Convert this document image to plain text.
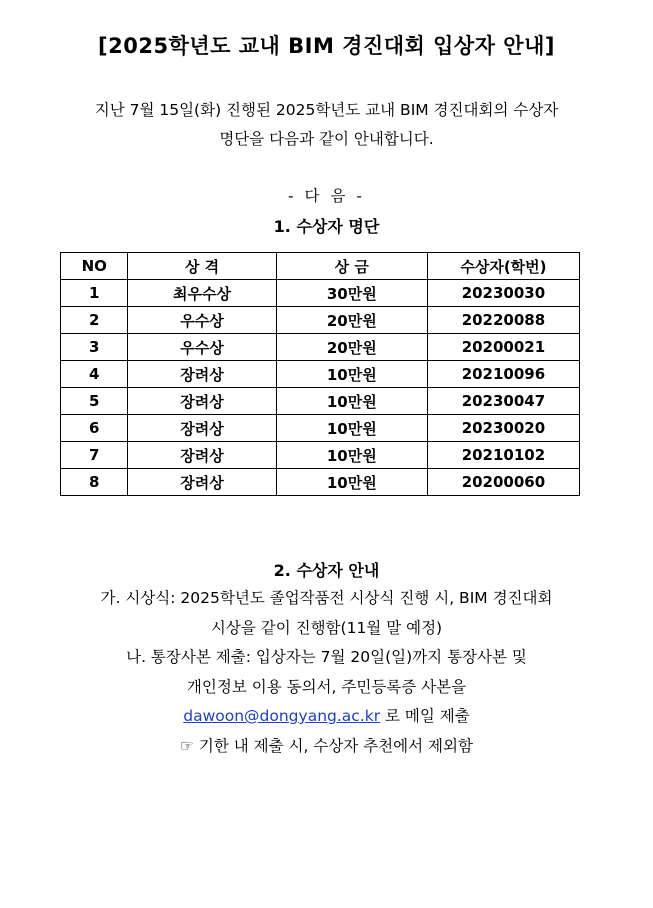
[2025학년도 교내 BIM 경진대회 입상자 안내]
지난 7월 15일(화) 진행된 2025학년도 교내 BIM 경진대회의 수상자
명단을 다음과 같이 안내합니다.
- 다 음 -
1. 수상자 명단
NO	상 격	상 금	수상자(학번)
1	최우수상	30만원	20230030
2	우수상	20만원	20220088
3	우수상	20만원	20200021
4	장려상	10만원	20210096
5	장려상	10만원	20230047
6	장려상	10만원	20230020
7	장려상	10만원	20210102
8	장려상	10만원	20200060
2. 수상자 안내
가. 시상식: 2025학년도 졸업작품전 시상식 진행 시, BIM 경진대회
시상을 같이 진행함(11월 말 예정)
나. 통장사본 제출: 입상자는 7월 20일(일)까지 통장사본 및
개인정보 이용 동의서, 주민등록증 사본을
dawoon@dongyang.ac.kr 로 메일 제출
☞ 기한 내 제출 시, 수상자 추천에서 제외함
